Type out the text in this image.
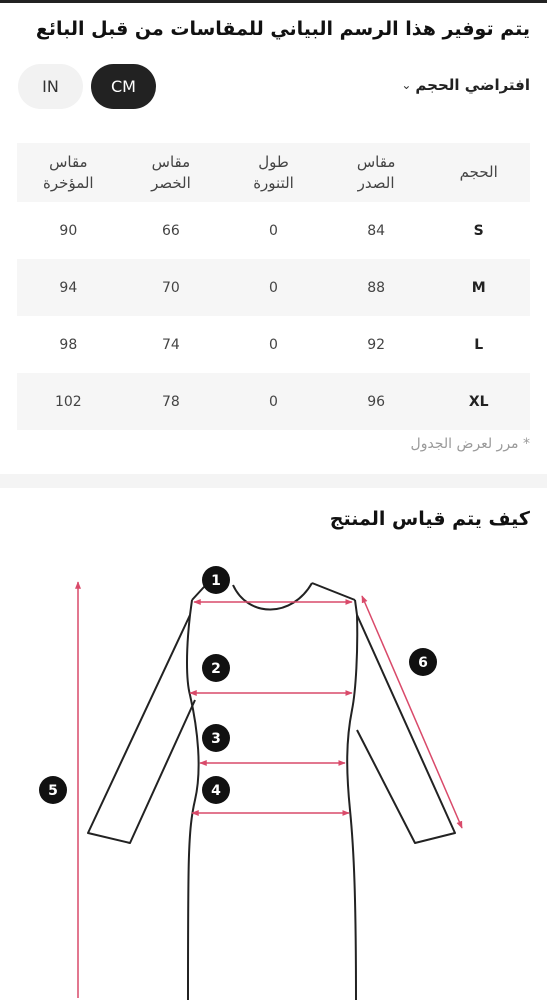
يتم توفير هذا الرسم البياني للمقاسات من قبل البائع
افتراضي الحجم
⌄
IN	CM
الحجم
مقاس
الصدر
طول
التنورة
مقاس
الخصر
مقاس
المؤخرة
S
84
0
66
90
M
88
0
70
94
L
92
0
74
98
XL
96
0
78
102
* مرر لعرض الجدول
كيف يتم قياس المنتج
1
2
3
4
5
6
